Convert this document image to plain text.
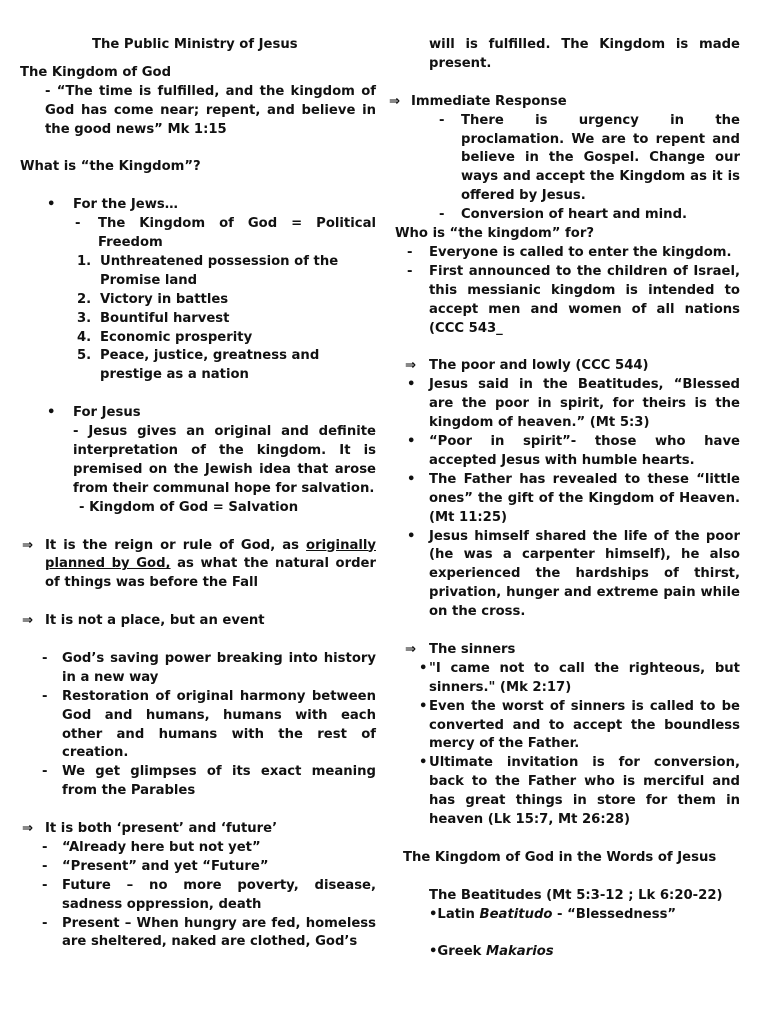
The Public Ministry of Jesus

The Kingdom of God

- “The time is fulfilled, and the kingdom of God has come near; repent, and believe in the good news” Mk 1:15

What is “the Kingdom”?

• For the Jews…
- The Kingdom of God = Political Freedom
1. Unthreatened possession of the Promise land
2. Victory in battles
3. Bountiful harvest
4. Economic prosperity
5. Peace, justice, greatness and prestige as a nation
• For Jesus

- Jesus gives an original and definite interpretation of the kingdom. It is premised on the Jewish idea that arose from their communal hope for salvation.

- Kingdom of God = Salvation

⇒ It is the reign or rule of God, as originally planned by God, as what the natural order of things was before the Fall
⇒ It is not a place, but an event
- God’s saving power breaking into history in a new way
- Restoration of original harmony between God and humans, humans with each other and humans with the rest of creation.
- We get glimpses of its exact meaning from the Parables
⇒ It is both ‘present’ and ‘future’
- “Already here but not yet”
- “Present” and yet “Future”
- Future – no more poverty, disease, sadness oppression, death
- Present – When hungry are fed, homeless are sheltered, naked are clothed, God’s

will is fulfilled. The Kingdom is made present.

⇒ Immediate Response
- There is urgency in the proclamation. We are to repent and believe in the Gospel. Change our ways and accept the Kingdom as it is offered by Jesus.
- Conversion of heart and mind.

Who is “the kingdom” for?

- Everyone is called to enter the kingdom.
- First announced to the children of Israel, this messianic kingdom is intended to accept men and women of all nations (CCC 543_
⇒ The poor and lowly (CCC 544)
• Jesus said in the Beatitudes, “Blessed are the poor in spirit, for theirs is the kingdom of heaven.” (Mt 5:3)
• “Poor in spirit”- those who have accepted Jesus with humble hearts.
• The Father has revealed to these “little ones” the gift of the Kingdom of Heaven. (Mt 11:25)
• Jesus himself shared the life of the poor (he was a carpenter himself), he also experienced the hardships of thirst, privation, hunger and extreme pain while on the cross.
⇒ The sinners
• "I came not to call the righteous, but sinners." (Mk 2:17)
• Even the worst of sinners is called to be converted and to accept the boundless mercy of the Father.
• Ultimate invitation is for conversion, back to the Father who is merciful and has great things in store for them in heaven (Lk 15:7, Mt 26:28)

The Kingdom of God in the Words of Jesus

The Beatitudes (Mt 5:3-12 ; Lk 6:20-22)

•Latin Beatitudo - “Blessedness”

•Greek Makarios
